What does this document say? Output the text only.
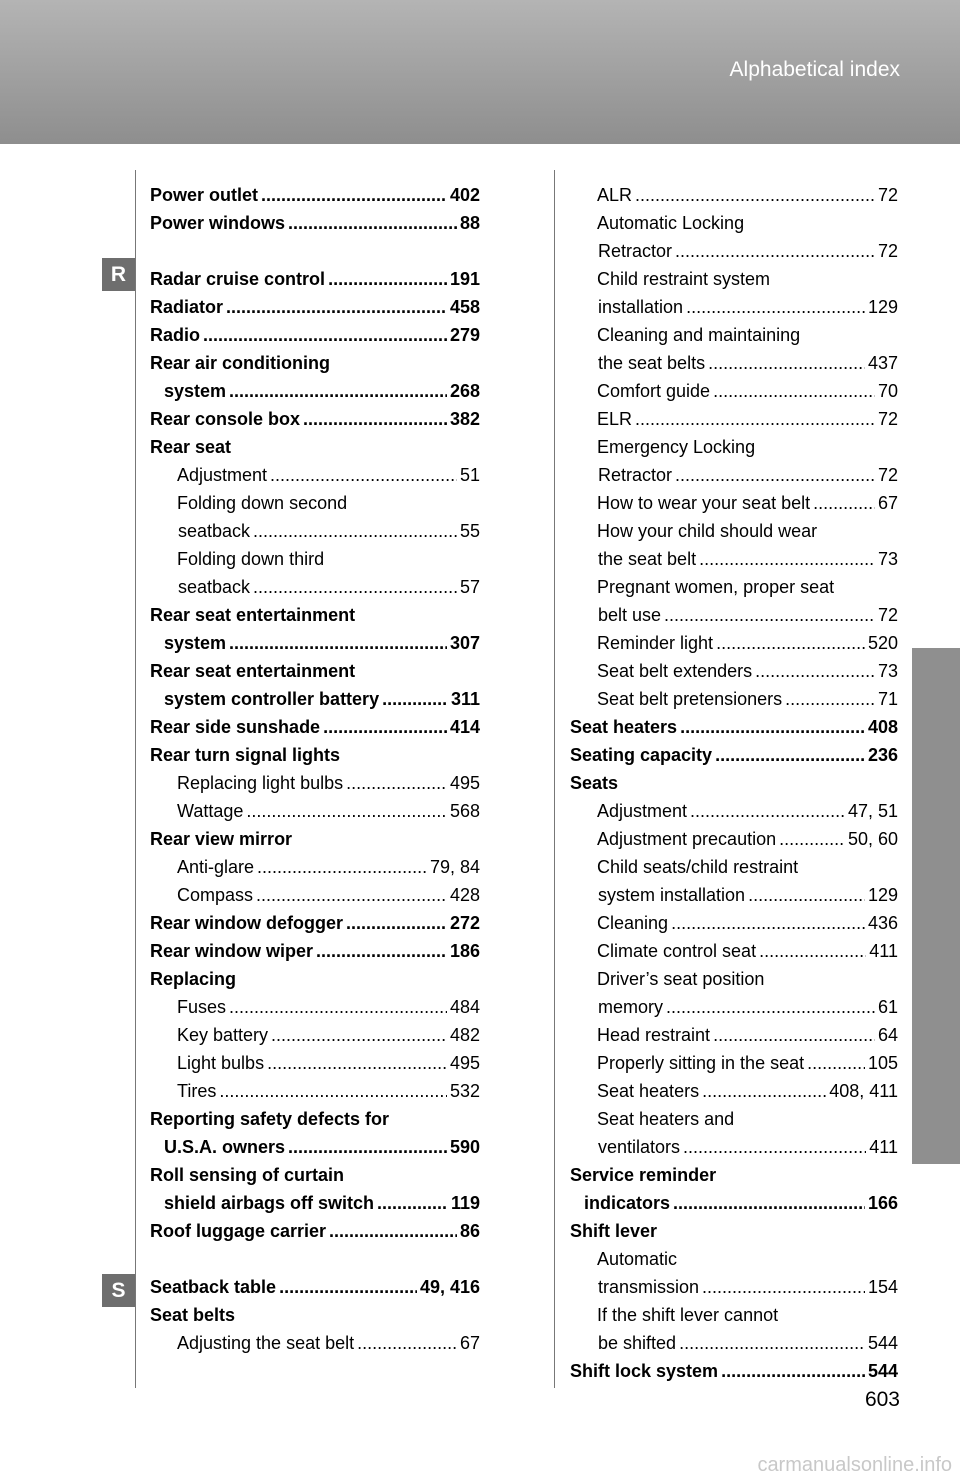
Alphabetical index
R
S
Power outlet .....	402
Power windows .....	88
Radar cruise control .....	191
Radiator .....	458
Radio .....	279
Rear air conditioning
system .....	268
Rear console box .....	382
Rear seat
Adjustment .....	51
Folding down second
seatback .....	55
Folding down third
seatback .....	57
Rear seat entertainment
system .....	307
Rear seat entertainment
system controller battery .....	311
Rear side sunshade .....	414
Rear turn signal lights
Replacing light bulbs .....	495
Wattage .....	568
Rear view mirror
Anti-glare .....	79, 84
Compass .....	428
Rear window defogger .....	272
Rear window wiper .....	186
Replacing
Fuses .....	484
Key battery .....	482
Light bulbs .....	495
Tires .....	532
Reporting safety defects for
U.S.A. owners .....	590
Roll sensing of curtain
shield airbags off switch .....	119
Roof luggage carrier .....	86
Seatback table .....	49, 416
Seat belts
Adjusting the seat belt .....	67
ALR .....	72
Automatic Locking
Retractor .....	72
Child restraint system
installation .....	129
Cleaning and maintaining
the seat belts .....	437
Comfort guide .....	70
ELR .....	72
Emergency Locking
Retractor .....	72
How to wear your seat belt .....	67
How your child should wear
the seat belt .....	73
Pregnant women, proper seat
belt use .....	72
Reminder light .....	520
Seat belt extenders .....	73
Seat belt pretensioners .....	71
Seat heaters .....	408
Seating capacity .....	236
Seats
Adjustment .....	47, 51
Adjustment precaution .....	50, 60
Child seats/child restraint
system installation .....	129
Cleaning .....	436
Climate control seat .....	411
Driver’s seat position
memory .....	61
Head restraint .....	64
Properly sitting in the seat .....	105
Seat heaters .....	408, 411
Seat heaters and
ventilators .....	411
Service reminder
indicators .....	166
Shift lever
Automatic
transmission .....	154
If the shift lever cannot
be shifted .....	544
Shift lock system .....	544
603
carmanualsonline.info
